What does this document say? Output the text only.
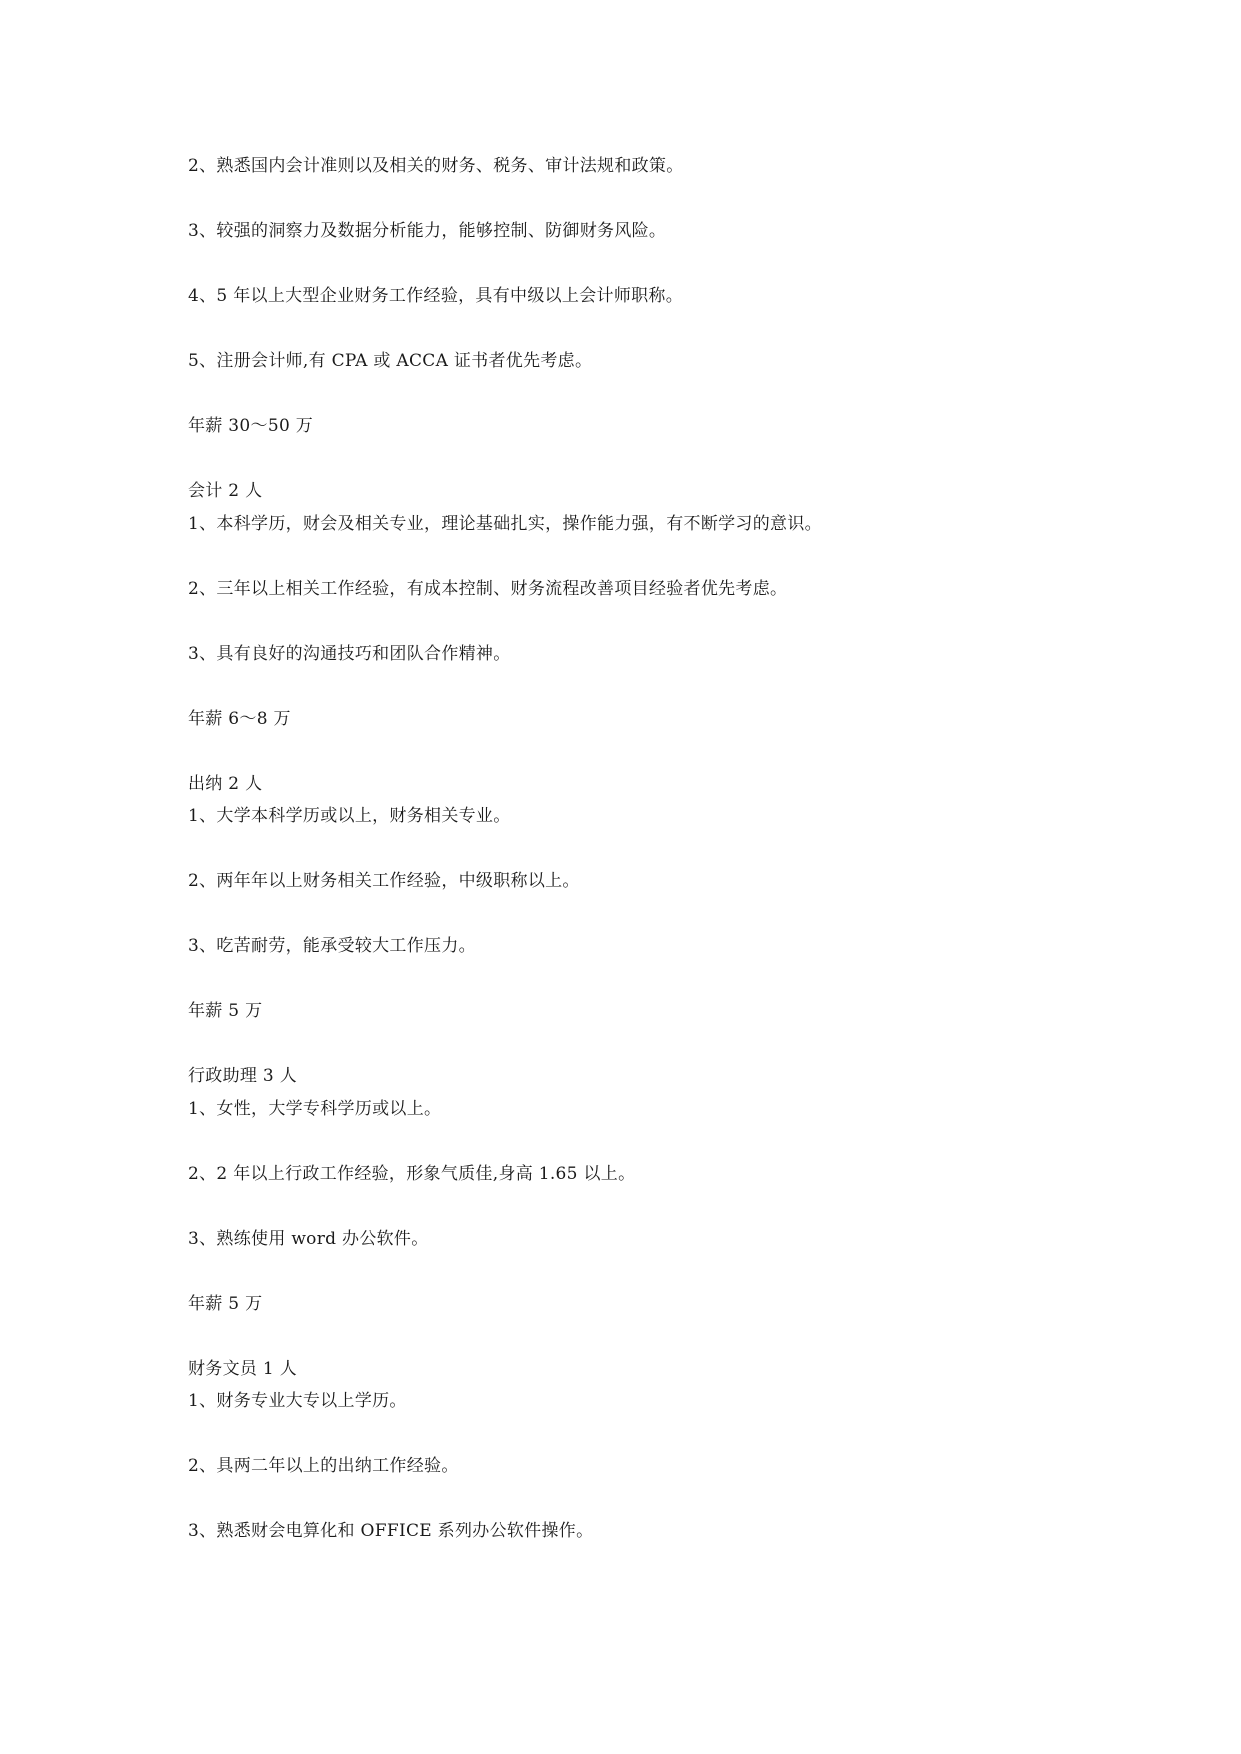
2、熟悉国内会计准则以及相关的财务、税务、审计法规和政策。
3、较强的洞察力及数据分析能力，能够控制、防御财务风险。
4、5 年以上大型企业财务工作经验，具有中级以上会计师职称。
5、注册会计师,有 CPA 或 ACCA 证书者优先考虑。
年薪 30～50 万
会计 2 人
1、本科学历，财会及相关专业，理论基础扎实，操作能力强，有不断学习的意识。
2、三年以上相关工作经验，有成本控制、财务流程改善项目经验者优先考虑。
3、具有良好的沟通技巧和团队合作精神。
年薪 6～8 万
出纳 2 人
1、大学本科学历或以上，财务相关专业。
2、两年年以上财务相关工作经验，中级职称以上。
3、吃苦耐劳，能承受较大工作压力。
年薪 5 万
行政助理 3 人
1、女性，大学专科学历或以上。
2、2 年以上行政工作经验，形象气质佳,身高 1.65 以上。
3、熟练使用 word 办公软件。
年薪 5 万
财务文员 1 人
1、财务专业大专以上学历。
2、具两二年以上的出纳工作经验。
3、熟悉财会电算化和 OFFICE 系列办公软件操作。
